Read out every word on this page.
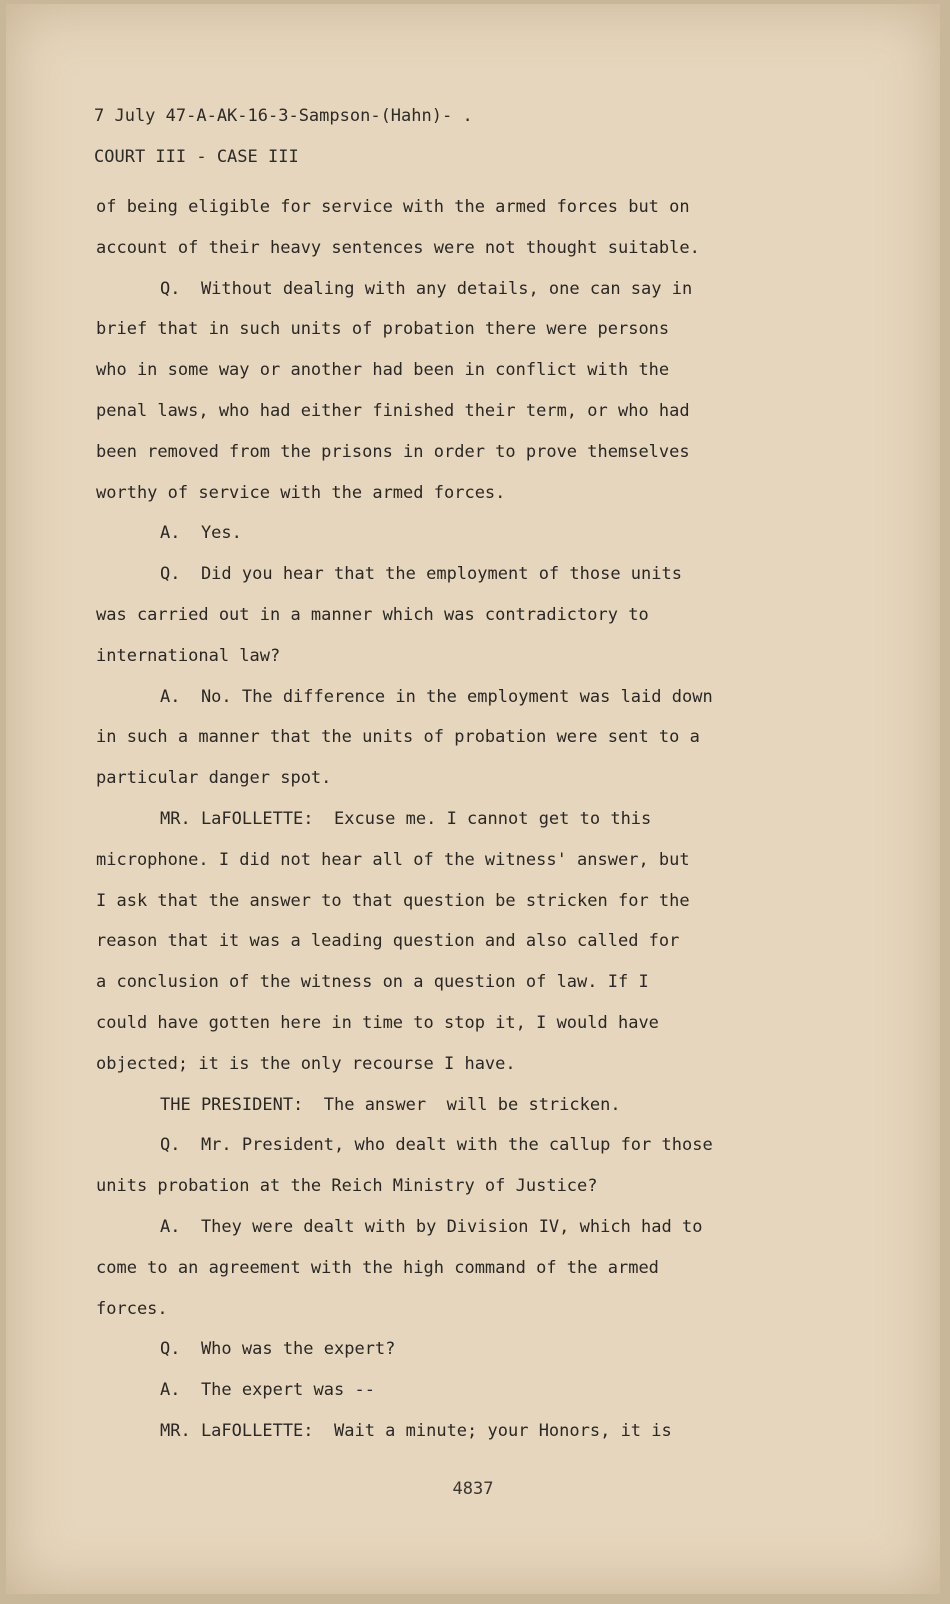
7 July 47-A-AK-16-3-Sampson-(Hahn)- .
COURT III - CASE III
of being eligible for service with the armed forces but on
account of their heavy sentences were not thought suitable.
Q.  Without dealing with any details, one can say in
brief that in such units of probation there were persons
who in some way or another had been in conflict with the
penal laws, who had either finished their term, or who had
been removed from the prisons in order to prove themselves
worthy of service with the armed forces.
A.  Yes.
Q.  Did you hear that the employment of those units
was carried out in a manner which was contradictory to
international law?
A.  No. The difference in the employment was laid down
in such a manner that the units of probation were sent to a
particular danger spot.
MR. LaFOLLETTE:  Excuse me. I cannot get to this
microphone. I did not hear all of the witness' answer, but
I ask that the answer to that question be stricken for the
reason that it was a leading question and also called for
a conclusion of the witness on a question of law. If I
could have gotten here in time to stop it, I would have
objected; it is the only recourse I have.
THE PRESIDENT:  The answer  will be stricken.
Q.  Mr. President, who dealt with the callup for those
units probation at the Reich Ministry of Justice?
A.  They were dealt with by Division IV, which had to
come to an agreement with the high command of the armed
forces.
Q.  Who was the expert?
A.  The expert was --
MR. LaFOLLETTE:  Wait a minute; your Honors, it is
4837
